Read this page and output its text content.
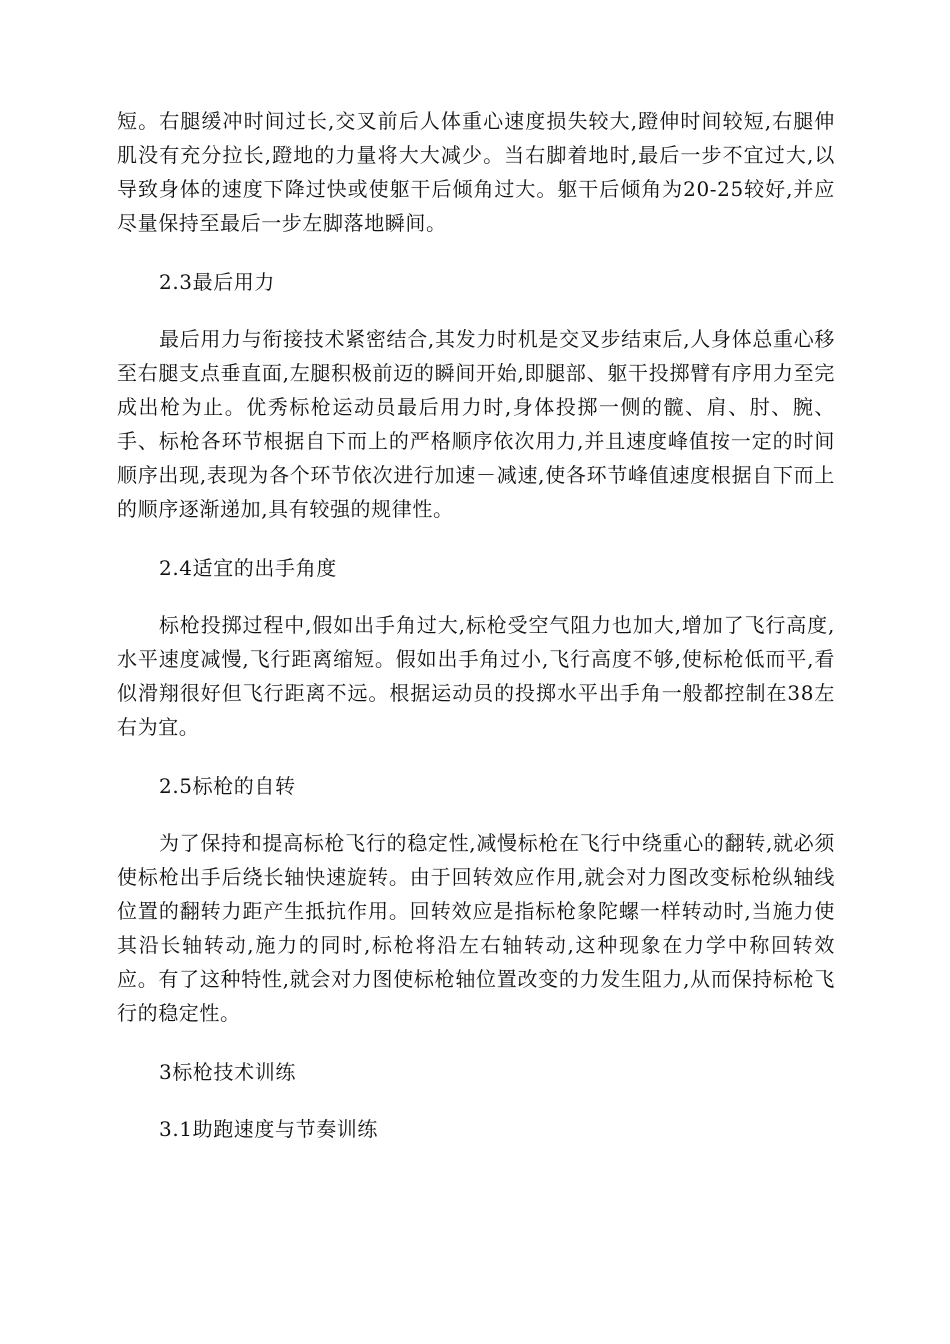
短。右腿缓冲时间过长,交叉前后人体重心速度损失较大,蹬伸时间较短,右腿伸肌没有充分拉长,蹬地的力量将大大减少。当右脚着地时,最后一步不宜过大,以导致身体的速度下降过快或使躯干后倾角过大。躯干后倾角为20-25较好,并应尽量保持至最后一步左脚落地瞬间。

2.3最后用力

最后用力与衔接技术紧密结合,其发力时机是交叉步结束后,人身体总重心移至右腿支点垂直面,左腿积极前迈的瞬间开始,即腿部、躯干投掷臂有序用力至完成出枪为止。优秀标枪运动员最后用力时,身体投掷一侧的髋、肩、肘、腕、手、标枪各环节根据自下而上的严格顺序依次用力,并且速度峰值按一定的时间顺序出现,表现为各个环节依次进行加速－减速,使各环节峰值速度根据自下而上的顺序逐渐递加,具有较强的规律性。

2.4适宜的出手角度

标枪投掷过程中,假如出手角过大,标枪受空气阻力也加大,增加了飞行高度,水平速度减慢,飞行距离缩短。假如出手角过小,飞行高度不够,使标枪低而平,看似滑翔很好但飞行距离不远。根据运动员的投掷水平出手角一般都控制在38左右为宜。

2.5标枪的自转

为了保持和提高标枪飞行的稳定性,减慢标枪在飞行中绕重心的翻转,就必须使标枪出手后绕长轴快速旋转。由于回转效应作用,就会对力图改变标枪纵轴线位置的翻转力距产生抵抗作用。回转效应是指标枪象陀螺一样转动时,当施力使其沿长轴转动,施力的同时,标枪将沿左右轴转动,这种现象在力学中称回转效应。有了这种特性,就会对力图使标枪轴位置改变的力发生阻力,从而保持标枪飞行的稳定性。

3标枪技术训练

3.1助跑速度与节奏训练
